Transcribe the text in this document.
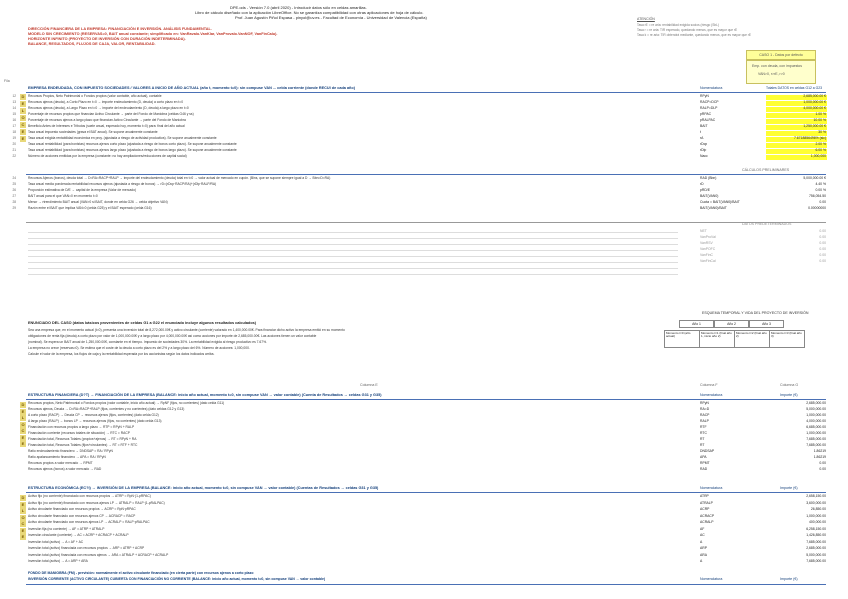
DPE.ods - Versión 7.0 (abril 2020) - Introducir datos sólo en celdas amarillas.
Libro de cálculo diseñado con la aplicación LibreOffice. No se garantiza compatibilidad con otras aplicaciones de hoja de cálculo.
Prof. Juan Agustín Piñol Espasa - pinyol@uv.es - Facultad de Economía - Universidad de Valencia (España)
DIRECCIÓN FINANCIERA DE LA EMPRESA: FINANCIACIÓN E INVERSIÓN. ANÁLISIS FUNDAMENTAL.
MODELO SIN CRECIMIENTO (RESERVAS=0, BAIT anual constante; simplificado en: VanRavalo.VanKlar, VanProvalo.VanNOF, VanFinCalu).
HORIZONTE INFINITO (PROYECTO DE INVERSIÓN CON DURACIÓN INDETERMINADA).
BALANCE, RESULTADOS, FLUJOS DE CAJA, VALOR, RENTABILIDAD.
ATENCIÓN
Tasa rE = re aria: rentabilidad exigida socios (riesgo (SbL)
Tasa r = re aria: TIR esperado, quedando menos, que es mayor que rE
Tasa k = re aria: TIR obtendrá mediante, quedando menos, que es mayor que rE
CASO 1 - Datos por defecto
Emp. con deuda, con impuestos
VAN>0, r>rE, r>0
Fila
D
E
L
O
C
E
E
EMPRESA ENDEUDADA, CON IMPUESTO SOCIEDADES / VALORES A INICIO DE AÑO ACTUAL (año t, momento t=0): sin compuse VAN ... celda corriente (donde RECUI de cada año)	Nomenclatura	Totales DATOS en celdas G12 a G23
12	Recursos Propios, Neto Patrimonial o Fondos propios (valor contable, año actual), contable	RPyN	2,685,000.00 €
13	Recursos ajenos (deuda), a Corto Plazo en t=0 → importe endeudamiento (D, deuda) a corto plazo en t=0	RACP=DCP	1,000,000.00 €
14	Recursos ajenos (deuda), a Largo Plazo en t=0 → importe del endeudamiento (D, deuda) a largo plazo en t=0	RALP=DLP	4,000,000.00 €
15	Porcentaje de recursos propios que financian Activo Circulante → parte del Fondo de Maniobra (celdas G46 y ss)	pRPAC	1.00 %
16	Porcentaje de recursos ajenos a largo plazo que financian Activo Circulante → parte del Fondo de Maniobra	pRALPAC	10.00 %
17	Beneficio Antes de Intereses e Tributos (suele anual, esperado hoy, momento t=0) para: final del año actual	BAIT	1,250,000.00 €
18	Tasa anual impuesto sociedades (grava el BAT anual). Se supone anualmente constante	t	30 %
19	Tasa anual exigida rentabilidad económica en proy. (ajustada a riesgo de actividad productiva). Se supone anualmente constante	rA	7.6718856496% (sic)
20	Tasa anual rentabilidad (para bonistas) recursos ajenos corto plazo (ajustada a riesgo de bonos corto plazo). Se supone anualmente constante	rDcp	2.00 %
21	Tasa anual rentabilidad (para bonistas) recursos ajenos largo plazo (ajustada a riesgo de bonos largo plazo). Se supone anualmente constante	rDlp	6.00 %
22	Número de acciones emitidas por la empresa (constante: no hay ampliaciones/reducciones de capital social)	Nacc	1,000,000
CÁLCULOS PRELIMINARES
24	Recursos Ajenos (bonos), deuda total → D=RA=RACP+RALP → importe del endeudamiento (deuda) total en t=0 → valor actual de mercado en cupón. (Bins, que se supone siempre igual a D → Bbn=D=RA)	RAD (Bbn)	5,000,000.00 €
25	Tasa anual media ponderada rentabilidad recursos ajenos (ajustada a riesgo de bonos) → rD=(rDcp·RACP/RA)+(rDlp·RALP/RA)	rD	4.40 %
26	Proporción estimativa de D/E → capital de la empresa (Valor de mercado)	pRD/E	0.00 %
27	BAIT anual para el que VAN=0 en momento t=0	BAIT(VAN0)	756,054.50
28	Menor → rtrendimiento BAIT anual (VAN>0 si BAIT, donde en celda G26 → celda objetivo VAN)	Cuota = BAIT(VAN0)/BAIT	0.00
29	Razón entre el BAIT que implica VAN=0 (celda G25) y el BAIT esperado (celda G16)	BAIT(VAN0)/BAIT	0.00000000
DATOS PREDETERMINADOS
NET	0.00
VanProVal	0.00
VanRSV	0.00
VanPOFC	0.00
VanFinC	0.00
VanFinCal	0.00
ESQUEMA TEMPORAL Y VIDA DEL PROYECTO DE INVERSIÓN
Año 1	Año 2	Año 3
Momento t=0 (año actual)
Momento t=1 (final año 1, inicio año 2)
Momento t=2 (final año 2)
Momento t=3 (final año 3)
ENUNCIADO DEL CASO (datos básicos provenientes de celdas G1 a G22 el enunciado incluye algunos resultados calculados)
Sea una empresa que, en el momento actual (t=0), presenta una inversión total de 8,272,000.00€ y activo circulante (corriente) valorado en 1,400,000.00€. Para financiar dicho activo la empresa emitió en su momento
obligaciones de renta fija (deuda) a corto plazo por valor de 1,000,000.00€ y a largo plazo por 4,000,000.00€ así como acciones por importe de 2,685,000.00€. Las acciones tienen un valor contable
(nominal). Se espera un BAIT anual de 1,250,000.00€, constante en el tiempo. Impuesto de sociedades 30%. La rentabilidad exigida al riesgo productivo es 7.67%.
La empresa no crece (reservas=0). Se estima que el coste de la deuda a corto plazo es del 2% y a largo plazo del 6%. Número de acciones: 1,000,000.
Calcule el valor de la empresa, los flujos de caja y la rentabilidad esperada por los accionistas según los datos indicados arriba.
Columna E	Columna F	Columna G
ESTRUCTURA FINANCIERA (D?T) → FINANCIACIÓN DE LA EMPRESA (BALANCE: inicio año actual, momento t=0, sin compuse VAN → valor contable) (Cuenta de Resultados → celdas G31 y G35)	Nomenclatura	Importe (€)
Recursos propios, Neto Patrimonial o Fondos propios (valor contable, inicio año actual) → RpNF (fijos, no corrientes) (dato celda G11)	RPyN	2,685,000.00
Recursos ajenos, Deuda → D=RA=RACP+RALP (fijos, corrientes y no corrientes) (dato celdas G12 y G13)	RA=D	5,000,000.00
A corto plazo (RACP) → Deuda CP → recursos ajenos (fijos, corrientes) (dato celda G12)	RACP	1,000,000.00
A largo plazo (RALP) → bonos LP → recursos ajenos (fijos, no corrientes) (dato celda G13)	RALP	4,000,000.00
Financiación con recursos propios a largo plazo → RTP = RPyN + RALP	RTF	6,685,000.00
Financiación corriente (recursos totales de situación) → RTC = RACP	RTC	1,000,000.00
Financiación total, Recursos Totales (propios+ajenos) → RT = RPyN + RA	RT	7,685,000.00
Financiación total, Recursos Totales (fijos+circulantes) → RT = RTF + RTC	RT	7,685,000.00
Ratio endeudamiento financiero → DNDSAP = RA / RPyN	DNDSAP	1.86219
Ratio apalancamiento financiero → APA = RA / RPyN	APA	1.86219
Recursos propios a valor mercado → RPMT	RPMT	0.00
Recursos ajenos (bonos) a valor mercado → RAD	RAD	0.00
ESTRUCTURA ECONÓMICA (EC?I) → INVERSIÓN DE LA EMPRESA (BALANCE: inicio año actual, momento t=0, sin compuse VAN → valor contable) (Cuentas de Resultados → celdas G31 y G35)	Nomenclatura	Importe (€)
Activo fijo (no corriente) financiado con recursos propios → ATRP = RpN·(1-pRPAC)	ATRP	2,658,150.00
Activo fijo (no corriente) financiado con recursos ajenos LP → ATRALP = RALP·(1-pRALPAC)	ATRALP	3,600,000.00
Activo circulante financiado con recursos propios → ACRP = RpN·pRPAC	ACRP	26,850.00
Activo circulante financiado con recursos ajenos CP → ACRACP = RACP	ACRACP	1,000,000.00
Activo circulante financiado con recursos ajenos LP → ACRALP = RALP·pRALPAC	ACRALP	400,000.00
Inversión fija (no corriente) → AF = ATRP + ATRALP	AF	6,258,150.00
Inversión circulante (corriente) → AC = ACRP + ACRACP + ACRALP	AC	1,426,850.00
Inversión total (activo) → A = AF + AC	A	7,685,000.00
Inversión total (activo) financiada con recursos propios → ARP = ATRP + ACRP	ARP	2,685,000.00
Inversión total (activo) financiada con recursos ajenos → ARA = ATRALP + ACRACP + ACRALP	ARA	5,000,000.00
Inversión total (activo) → A = ARP + ARA	A	7,685,000.00
FONDO DE MANIOBRA (FM) - previsión: normalmente el activo circulante financiado (en cierta parte) con recursos ajenos a corto plazo
INVERSIÓN CORRIENTE (ACTIVO CIRCULANTE) CUBIERTA CON FINANCIACIÓN NO CORRIENTE (BALANCE: inicio año actual, momento t=0, sin compuse VAN → valor contable)	Nomenclatura	Importe (€)
D
E
L
O
C
E
E
D
E
L
O
C
E
E
